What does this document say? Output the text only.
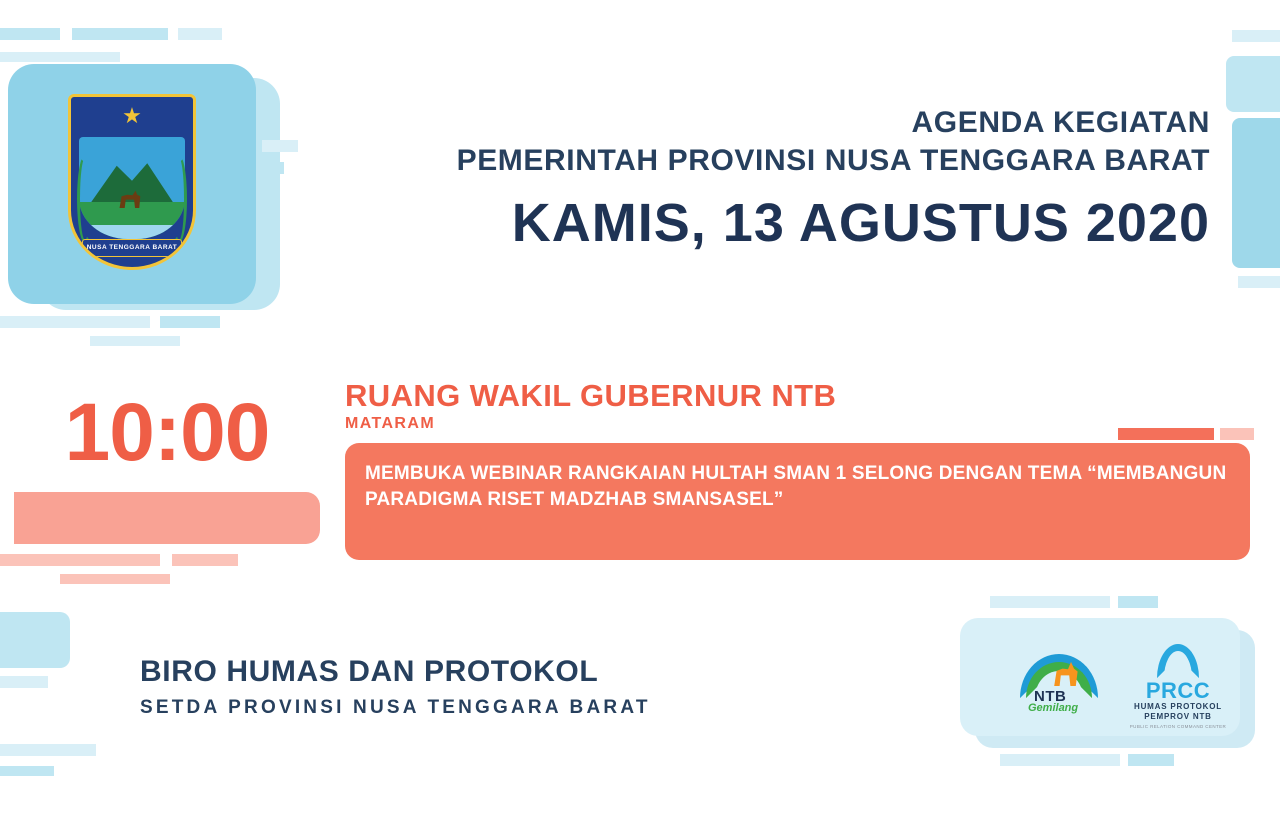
★
NUSA TENGGARA BARAT
AGENDA KEGIATAN
PEMERINTAH PROVINSI NUSA TENGGARA BARAT
KAMIS, 13 AGUSTUS 2020
10:00	RUANG WAKIL GUBERNUR NTB
MATARAM
MEMBUKA WEBINAR RANGKAIAN HULTAH SMAN 1 SELONG DENGAN TEMA “MEMBANGUN PARADIGMA RISET MADZHAB SMANSASEL”
BIRO HUMAS DAN PROTOKOL
SETDA PROVINSI NUSA TENGGARA BARAT
NTB
Gemilang
PRCC
HUMAS PROTOKOL
PEMPROV NTB
PUBLIC RELATION COMMAND CENTER
